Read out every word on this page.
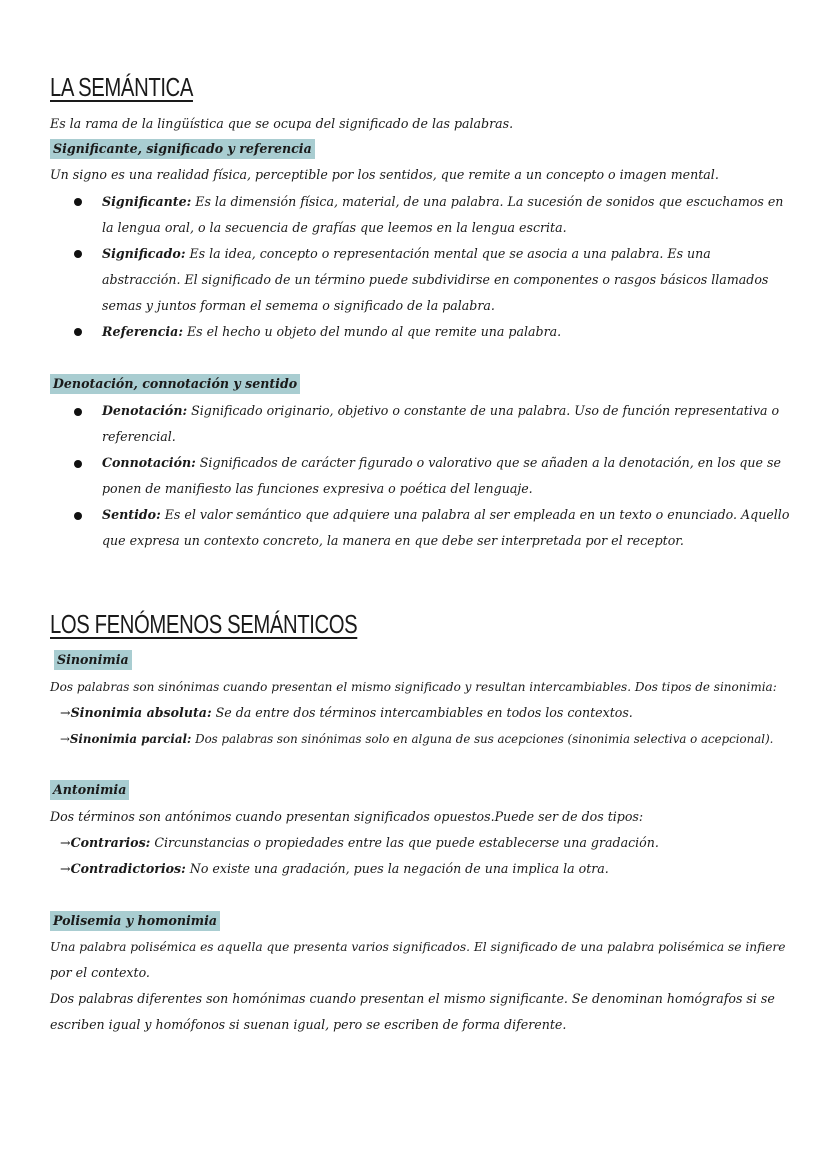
LA SEMÁNTICA
Es la rama de la lingüística que se ocupa del significado de las palabras.
Significante, significado y referencia
Un signo es una realidad física, perceptible por los sentidos, que remite a un concepto o imagen mental.
Significante: Es la dimensión física, material, de una palabra. La sucesión de sonidos que escuchamos en la lengua oral, o la secuencia de grafías que leemos en la lengua escrita.
Significado: Es la idea, concepto o representación mental que se asocia a una palabra. Es una abstracción. El significado de un término puede subdividirse en componentes o rasgos básicos llamados semas y juntos forman el semema o significado de la palabra.
Referencia: Es el hecho u objeto del mundo al que remite una palabra.
Denotación, connotación y sentido
Denotación: Significado originario, objetivo o constante de una palabra. Uso de función representativa o referencial.
Connotación: Significados de carácter figurado o valorativo que se añaden a la denotación, en los que se ponen de manifiesto las funciones expresiva o poética del lenguaje.
Sentido: Es el valor semántico que adquiere una palabra al ser empleada en un texto o enunciado. Aquello que expresa un contexto concreto, la manera en que debe ser interpretada por el receptor.
LOS FENÓMENOS SEMÁNTICOS
Sinonimia
Dos palabras son sinónimas cuando presentan el mismo significado y resultan intercambiables. Dos tipos de sinonimia:
→Sinonimia absoluta: Se da entre dos términos intercambiables en todos los contextos.
→Sinonimia parcial: Dos palabras son sinónimas solo en alguna de sus acepciones (sinonimia selectiva o acepcional).
Antonimia
Dos términos son antónimos cuando presentan significados opuestos.Puede ser de dos tipos:
→Contrarios: Circunstancias o propiedades entre las que puede establecerse una gradación.
→Contradictorios: No existe una gradación, pues la negación de una implica la otra.
Polisemia y homonimia
Una palabra polisémica es aquella que presenta varios significados. El significado de una palabra polisémica se infiere
por el contexto.
Dos palabras diferentes son homónimas cuando presentan el mismo significante. Se denominan homógrafos si se
escriben igual y homófonos si suenan igual, pero se escriben de forma diferente.
